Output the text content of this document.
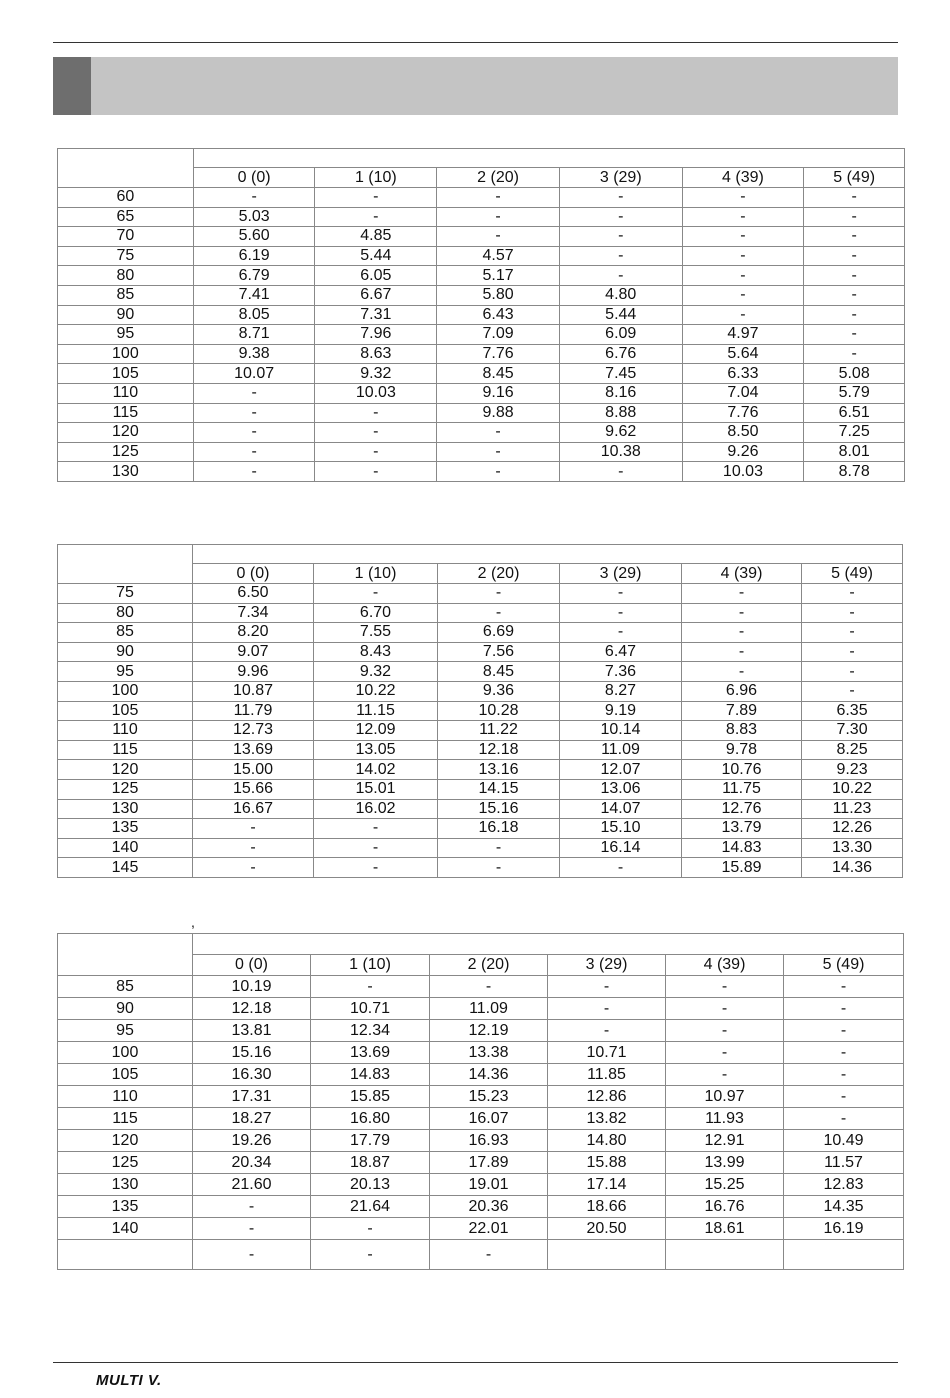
	0 (0)	1 (10)	2 (20)	3 (29)	4 (39)	5 (49)
60	-	-	-	-	-	-
65	5.03	-	-	-	-	-
70	5.60	4.85	-	-	-	-
75	6.19	5.44	4.57	-	-	-
80	6.79	6.05	5.17	-	-	-
85	7.41	6.67	5.80	4.80	-	-
90	8.05	7.31	6.43	5.44	-	-
95	8.71	7.96	7.09	6.09	4.97	-
100	9.38	8.63	7.76	6.76	5.64	-
105	10.07	9.32	8.45	7.45	6.33	5.08
110	-	10.03	9.16	8.16	7.04	5.79
115	-	-	9.88	8.88	7.76	6.51
120	-	-	-	9.62	8.50	7.25
125	-	-	-	10.38	9.26	8.01
130	-	-	-	-	10.03	8.78

	0 (0)	1 (10)	2 (20)	3 (29)	4 (39)	5 (49)
75	6.50	-	-	-	-	-
80	7.34	6.70	-	-	-	-
85	8.20	7.55	6.69	-	-	-
90	9.07	8.43	7.56	6.47	-	-
95	9.96	9.32	8.45	7.36	-	-
100	10.87	10.22	9.36	8.27	6.96	-
105	11.79	11.15	10.28	9.19	7.89	6.35
110	12.73	12.09	11.22	10.14	8.83	7.30
115	13.69	13.05	12.18	11.09	9.78	8.25
120	15.00	14.02	13.16	12.07	10.76	9.23
125	15.66	15.01	14.15	13.06	11.75	10.22
130	16.67	16.02	15.16	14.07	12.76	11.23
135	-	-	16.18	15.10	13.79	12.26
140	-	-	-	16.14	14.83	13.30
145	-	-	-	-	15.89	14.36
,

	0 (0)	1 (10)	2 (20)	3 (29)	4 (39)	5 (49)
85	10.19	-	-	-	-	-
90	12.18	10.71	11.09	-	-	-
95	13.81	12.34	12.19	-	-	-
100	15.16	13.69	13.38	10.71	-	-
105	16.30	14.83	14.36	11.85	-	-
110	17.31	15.85	15.23	12.86	10.97	-
115	18.27	16.80	16.07	13.82	11.93	-
120	19.26	17.79	16.93	14.80	12.91	10.49
125	20.34	18.87	17.89	15.88	13.99	11.57
130	21.60	20.13	19.01	17.14	15.25	12.83
135	-	21.64	20.36	18.66	16.76	14.35
140	-	-	22.01	20.50	18.61	16.19
	-	-	-			
MULTI V.
